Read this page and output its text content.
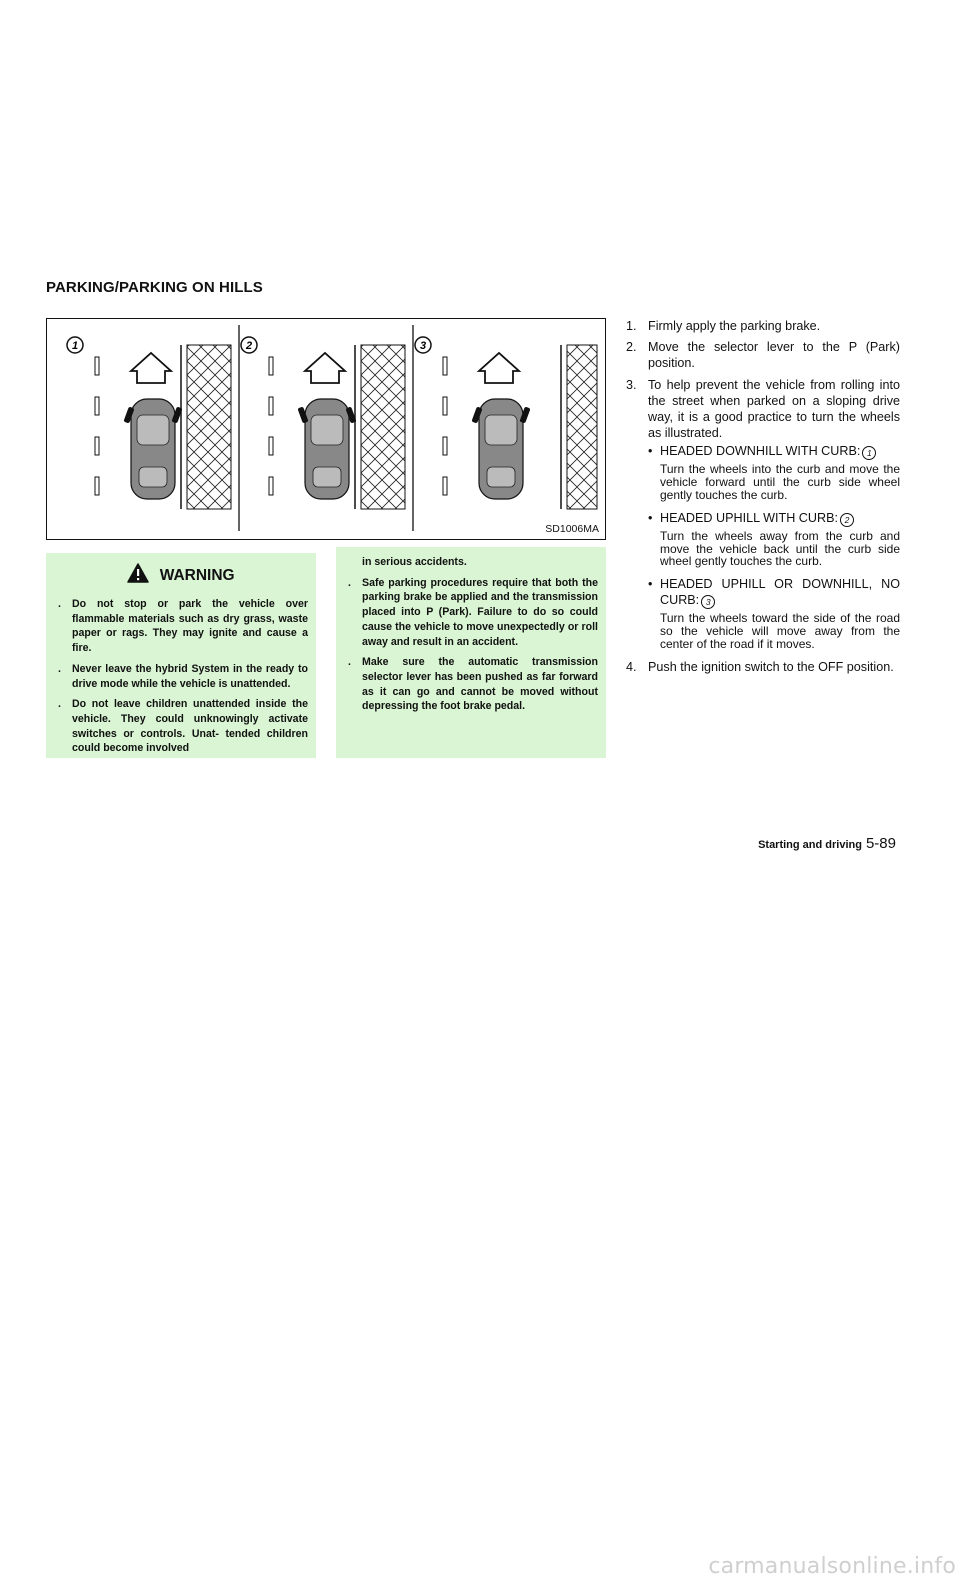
PARKING/PARKING ON HILLS
1	2	3
SD1006MA
WARNING
. Do not stop or park the vehicle over flammable materials such as dry grass, waste paper or rags. They may ignite and cause a fire.
. Never leave the hybrid System in the ready to drive mode while the vehicle is unattended.
. Do not leave children unattended inside the vehicle. They could unknowingly activate switches or controls. Unat- tended children could become involved
in serious accidents.
. Safe parking procedures require that both the parking brake be applied and the transmission placed into P (Park). Failure to do so could cause the vehicle to move unexpectedly or roll away and result in an accident.
. Make sure the automatic transmission selector lever has been pushed as far forward as it can go and cannot be moved without depressing the foot brake pedal.
1. Firmly apply the parking brake.
2. Move the selector lever to the P (Park) position.
3. To help prevent the vehicle from rolling into the street when parked on a sloping drive way, it is a good practice to turn the wheels as illustrated.
• HEADED DOWNHILL WITH CURB: 1
Turn the wheels into the curb and move the vehicle forward until the curb side wheel gently touches the curb.
• HEADED UPHILL WITH CURB: 2
Turn the wheels away from the curb and move the vehicle back until the curb side wheel gently touches the curb.
• HEADED UPHILL OR DOWNHILL, NO CURB: 3
Turn the wheels toward the side of the road so the vehicle will move away from the center of the road if it moves.
4. Push the ignition switch to the OFF position.
Starting and driving 5-89
carmanualsonline.info
